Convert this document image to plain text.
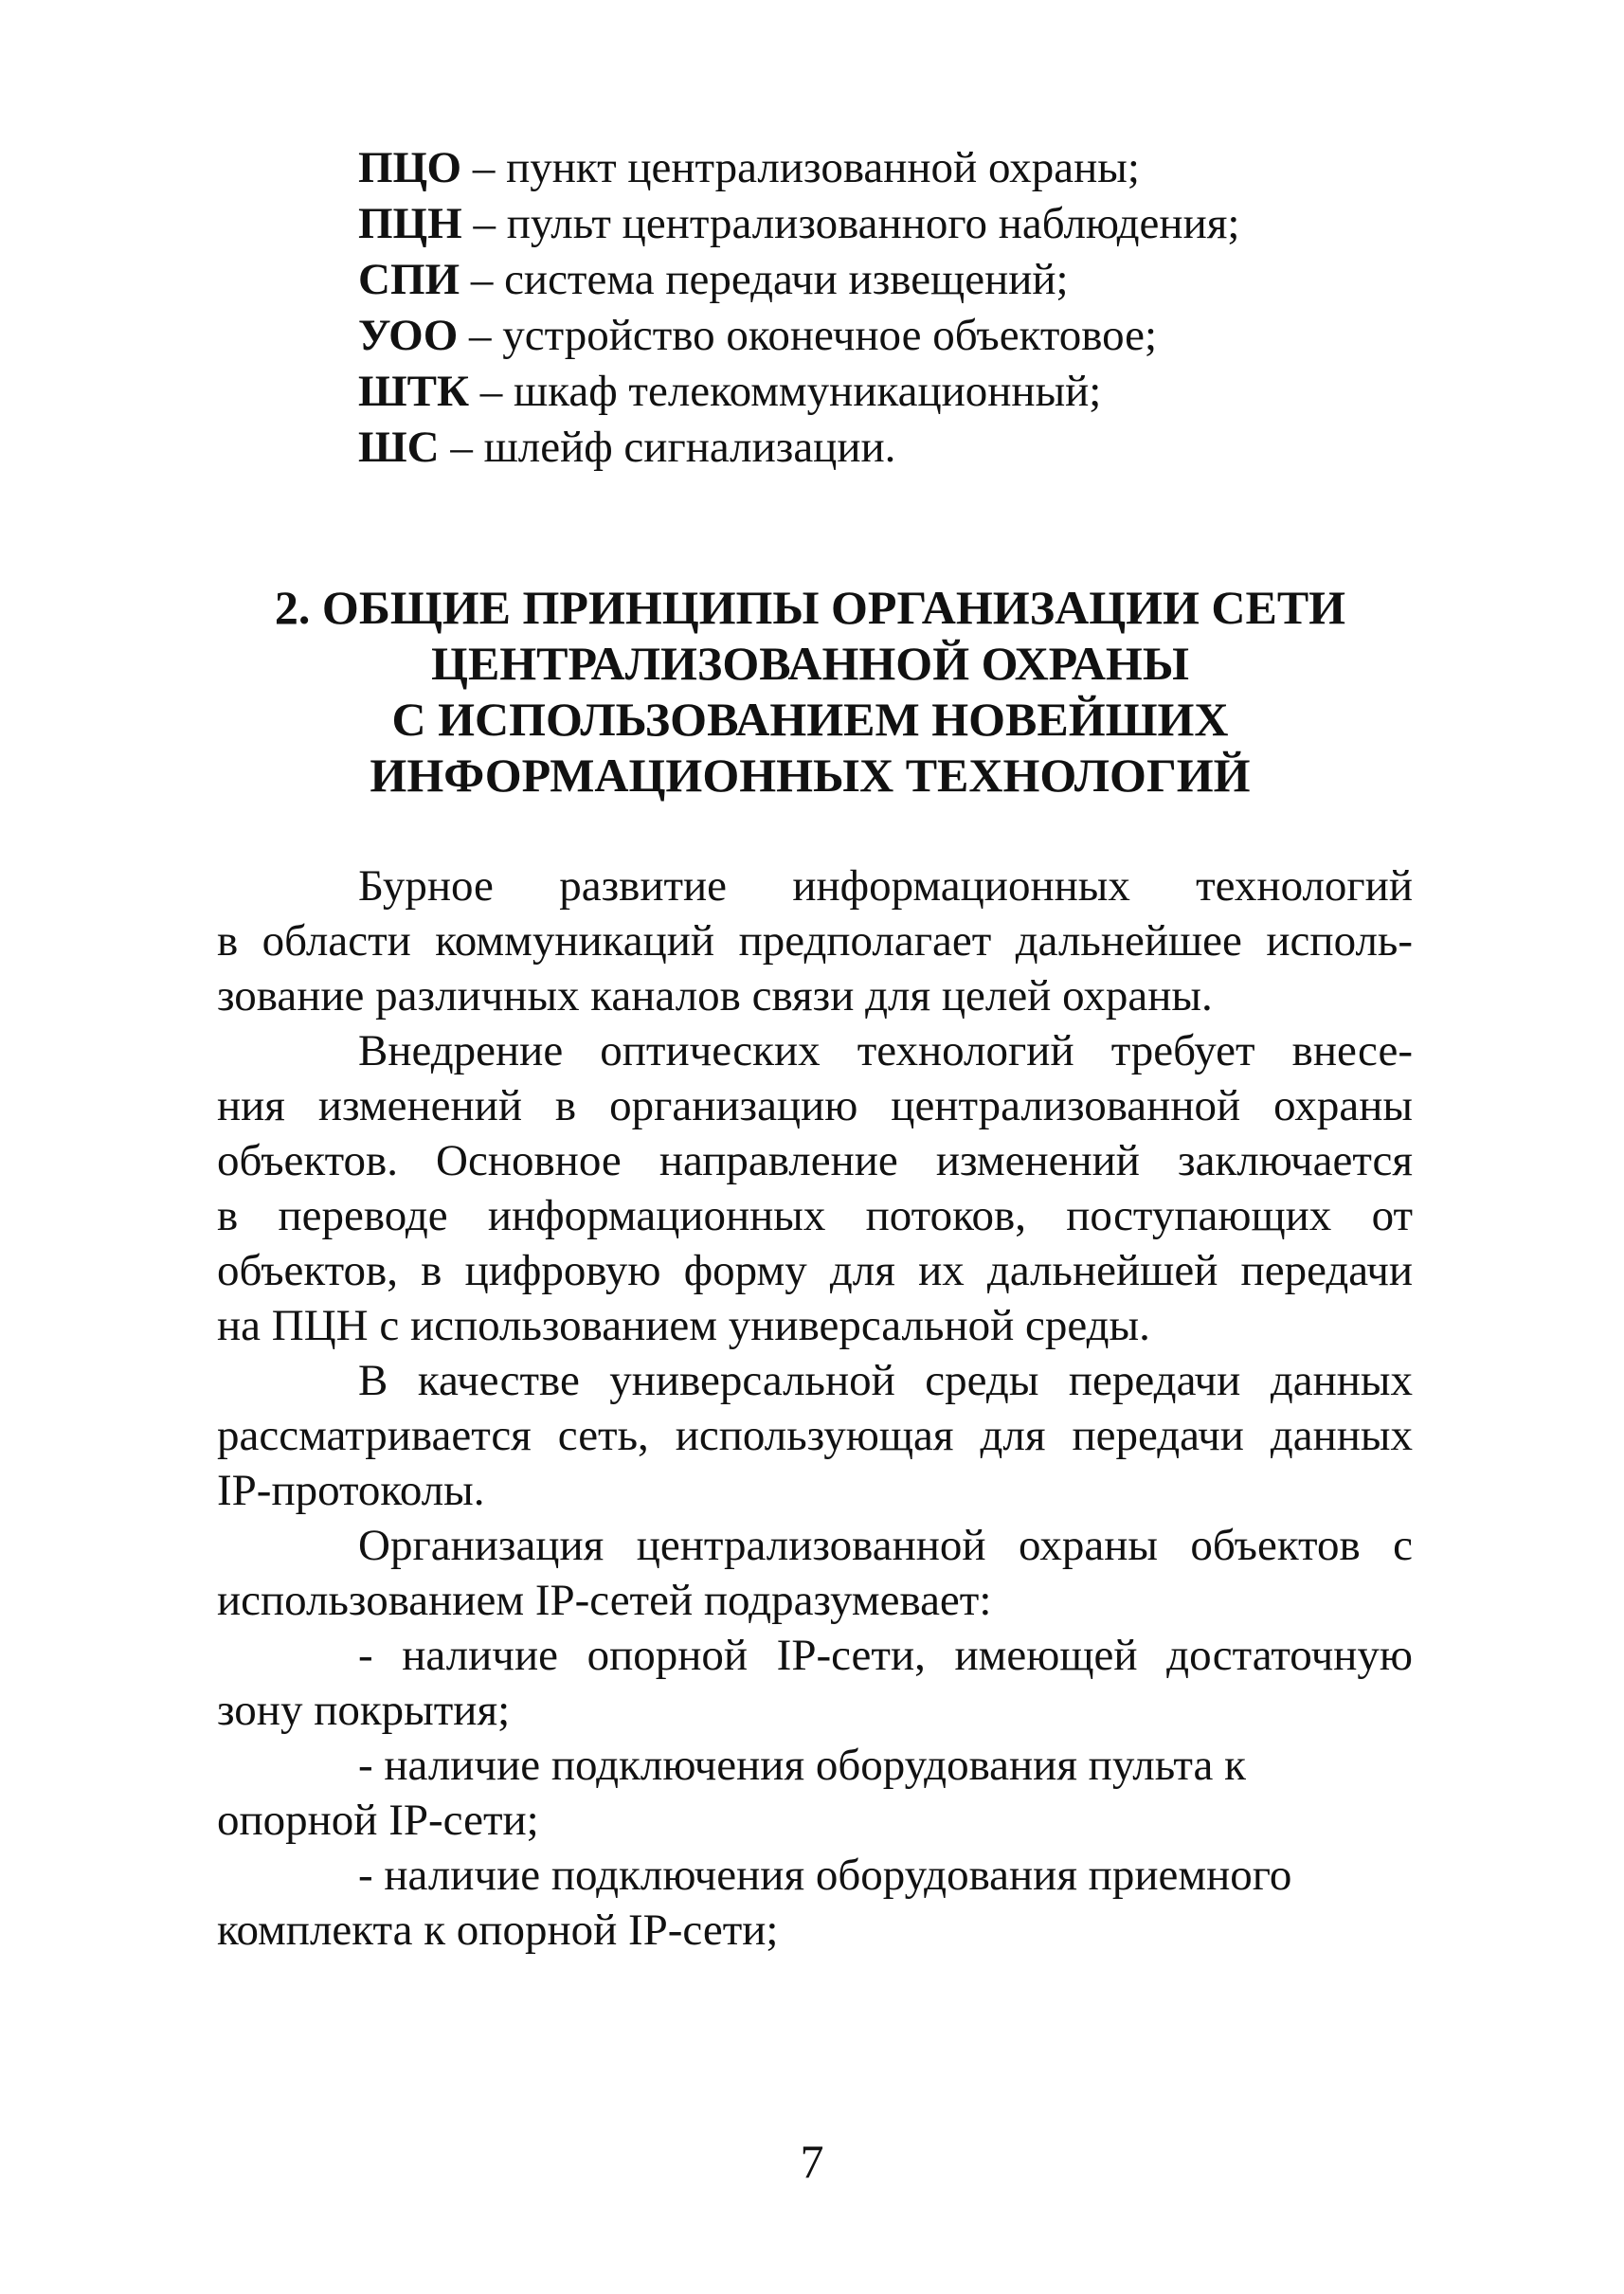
ПЦО – пункт централизованной охраны;
ПЦН – пульт централизованного наблюдения;
СПИ – система передачи извещений;
УОО – устройство оконечное объектовое;
ШТК – шкаф телекоммуникационный;
ШС – шлейф сигнализации.
2. ОБЩИЕ ПРИНЦИПЫ ОРГАНИЗАЦИИ СЕТИ
ЦЕНТРАЛИЗОВАННОЙ ОХРАНЫ
С ИСПОЛЬЗОВАНИЕМ НОВЕЙШИХ
ИНФОРМАЦИОННЫХ ТЕХНОЛОГИЙ
Бурное развитие информационных технологий
в области коммуникаций предполагает дальнейшее исполь-
зование различных каналов связи для целей охраны.
Внедрение оптических технологий требует внесе-
ния изменений в организацию централизованной охраны
объектов. Основное направление изменений заключается
в переводе информационных потоков, поступающих от
объектов, в цифровую форму для их дальнейшей передачи
на ПЦН с использованием универсальной среды.
В качестве универсальной среды передачи данных
рассматривается сеть, использующая для передачи данных
IP-протоколы.
Организация централизованной охраны объектов с
использованием IP-сетей подразумевает:
- наличие опорной IP-сети, имеющей достаточную
зону покрытия;
- наличие подключения оборудования пульта к
опорной IP-сети;
- наличие подключения оборудования приемного
комплекта к опорной IP-сети;
7
